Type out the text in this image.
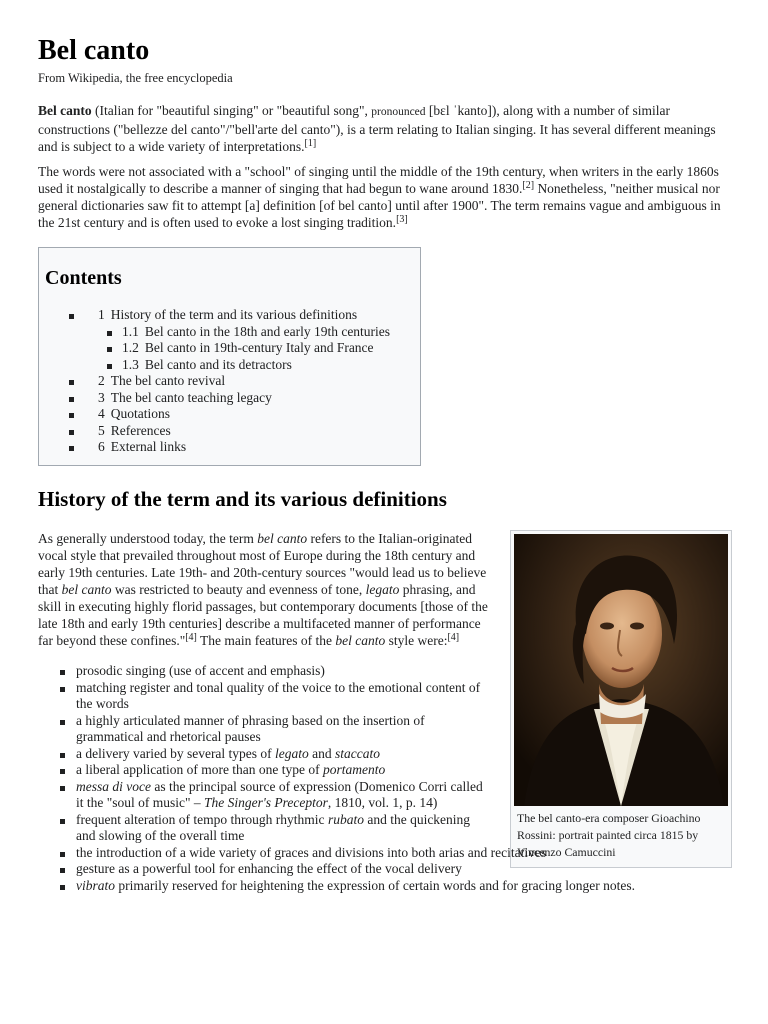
Bel canto
From Wikipedia, the free encyclopedia

Bel canto (Italian for "beautiful singing" or "beautiful song", pronounced [bɛl ˈkanto]), along with a number of similar constructions ("bellezze del canto"/"bell'arte del canto"), is a term relating to Italian singing. It has several different meanings and is subject to a wide variety of interpretations.[1]

The words were not associated with a "school" of singing until the middle of the 19th century, when writers in the early 1860s used it nostalgically to describe a manner of singing that had begun to wane around 1830.[2] Nonetheless, "neither musical nor general dictionaries saw fit to attempt [a] definition [of bel canto] until after 1900". The term remains vague and ambiguous in the 21st century and is often used to evoke a lost singing tradition.[3]

Contents
1 History of the term and its various definitions
1.1 Bel canto in the 18th and early 19th centuries
1.2 Bel canto in 19th-century Italy and France
1.3 Bel canto and its detractors
2 The bel canto revival
3 The bel canto teaching legacy
4 Quotations
5 References
6 External links
History of the term and its various definitions
The bel canto-era composer Gioachino Rossini: portrait painted circa 1815 by Vincenzo Camuccini

As generally understood today, the term bel canto refers to the Italian-originated vocal style that prevailed throughout most of Europe during the 18th century and early 19th centuries. Late 19th- and 20th-century sources "would lead us to believe that bel canto was restricted to beauty and evenness of tone, legato phrasing, and skill in executing highly florid passages, but contemporary documents [those of the late 18th and early 19th centuries] describe a multifaceted manner of performance far beyond these confines."[4] The main features of the bel canto style were:[4]

prosodic singing (use of accent and emphasis)
matching register and tonal quality of the voice to the emotional content of the words
a highly articulated manner of phrasing based on the insertion of grammatical and rhetorical pauses
a delivery varied by several types of legato and staccato
a liberal application of more than one type of portamento
messa di voce as the principal source of expression (Domenico Corri called it the "soul of music" – The Singer's Preceptor, 1810, vol. 1, p. 14)
frequent alteration of tempo through rhythmic rubato and the quickening and slowing of the overall time
the introduction of a wide variety of graces and divisions into both arias and recitatives
gesture as a powerful tool for enhancing the effect of the vocal delivery
vibrato primarily reserved for heightening the expression of certain words and for gracing longer notes.
